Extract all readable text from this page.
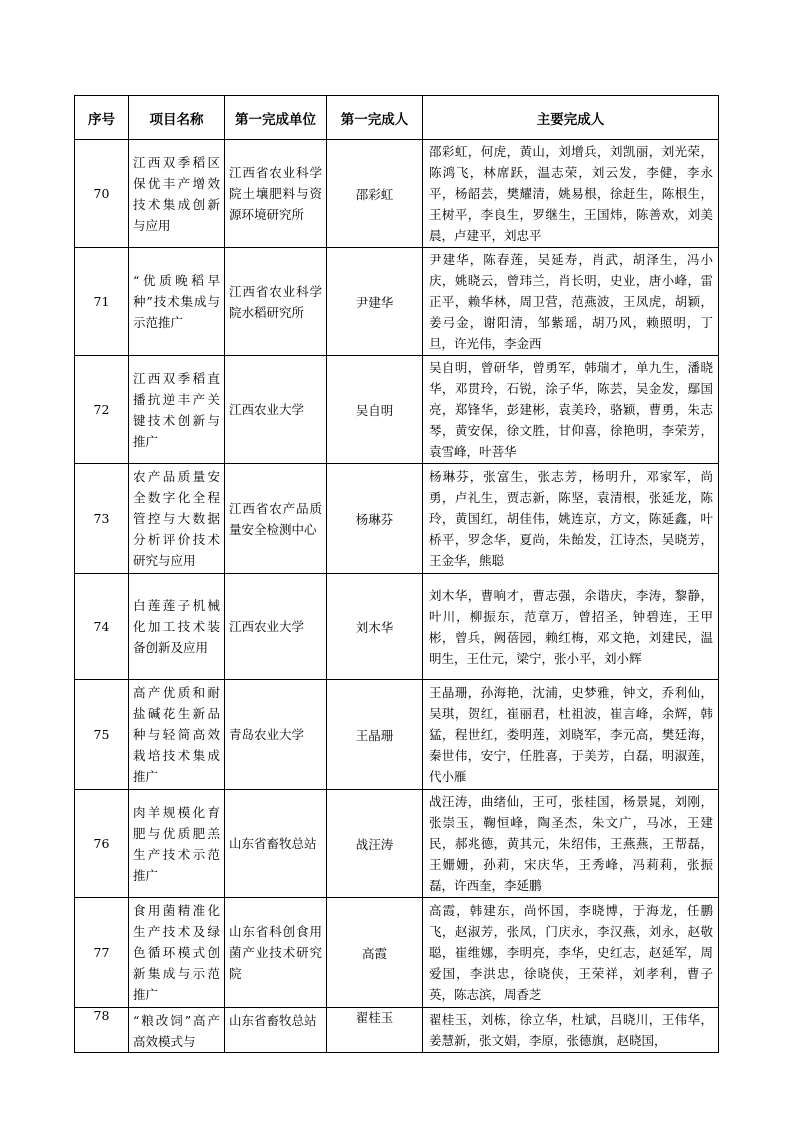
序号	项目名称	第一完成单位	第一完成人	主要完成人
70	江西双季稻区保优丰产增效技术集成创新与应用	江西省农业科学院土壤肥料与资源环境研究所	邵彩虹	邵彩虹，何虎，黄山，刘增兵，刘凯丽，刘光荣，陈鸿飞，林席跃，温志荣，刘云发，李健，李永平，杨韶芸，樊耀清，姚易根，徐赶生，陈根生，王树平，李良生，罗继生，王国炜，陈善欢，刘美晨，卢建平，刘忠平
71	“优质晚稻早种”技术集成与示范推广	江西省农业科学院水稻研究所	尹建华	尹建华，陈春莲，吴延寿，肖武，胡泽生，冯小庆，姚晓云，曾玮兰，肖长明，史业，唐小峰，雷正平，赖华林，周卫营，范燕波，王凤虎，胡颖，姜弓金，谢阳清，邹紫瑶，胡乃风，赖照明，丁旦，许光伟，李金西
72	江西双季稻直播抗逆丰产关键技术创新与推广	江西农业大学	吴自明	吴自明，曾研华，曾勇军，韩瑞才，单九生，潘晓华，邓贯玲，石锐，涂子华，陈芸，吴金发，鄢国亮，郑锋华，彭建彬，袁美玲，骆颖，曹勇，朱志琴，黄安保，徐文胜，甘仰喜，徐艳明，李荣芳，袁雪峰，叶菩华
73	农产品质量安全数字化全程管控与大数据分析评价技术研究与应用	江西省农产品质量安全检测中心	杨琳芬	杨琳芬，张富生，张志芳，杨明升，邓家军，尚勇，卢礼生，贾志新，陈坚，袁清根，张延龙，陈玲，黄国红，胡佳伟，姚连京，方文，陈延鑫，叶桥平，罗念华，夏尚，朱飴发，江诗杰，吴晓芳，王金华，熊聪
74	白莲莲子机械化加工技术装备创新及应用	江西农业大学	刘木华	刘木华，曹响才，曹志强，余谐庆，李涛，黎静，叶川，柳振东，范章万，曾招圣，钟碧连，王甲彬，曾兵，阙蓓园，赖红梅，邓文艳，刘建民，温明生，王仕元，梁宁，张小平，刘小辉
75	高产优质和耐盐碱花生新品种与轻简高效栽培技术集成推广	青岛农业大学	王晶珊	王晶珊，孙海艳，沈浦，史梦雅，钟文，乔利仙，吴琪，贺红，崔丽君，杜祖波，崔言峰，余辉，韩猛，程世红，娄明莲，刘晓军，李元高，樊廷海，秦世伟，安宁，任胜喜，于美芳，白磊，明淑莲，代小雁
76	肉羊规模化育肥与优质肥羔生产技术示范推广	山东省畜牧总站	战汪涛	战汪涛，曲绪仙，王可，张桂国，杨景晁，刘刚，张崇玉，鞠恒峰，陶圣杰，朱文广，马冰，王建民，郝兆德，黄其元，朱绍伟，王燕燕，王帮磊，王姗姗，孙莉，宋庆华，王秀峰，冯莉莉，张振磊，许西奎，李延鹏
77	食用菌精准化生产技术及绿色循环模式创新集成与示范推广	山东省科创食用菌产业技术研究院	高霞	高霞，韩建东，尚怀国，李晓博，于海龙，任鹏飞，赵淑芳，张凤，门庆永，李汉燕，刘永，赵敬聪，崔维娜，李明亮，李华，史红志，赵延军，周爱国，李洪忠，徐晓侠，王荣祥，刘孝利，曹子英，陈志滨，周香芝
78	“粮改饲”高产高效模式与	山东省畜牧总站	翟桂玉	翟桂玉，刘栋，徐立华，杜斌，吕晓川，王伟华，姜慧新，张文娟，李原，张德旗，赵晓国，
